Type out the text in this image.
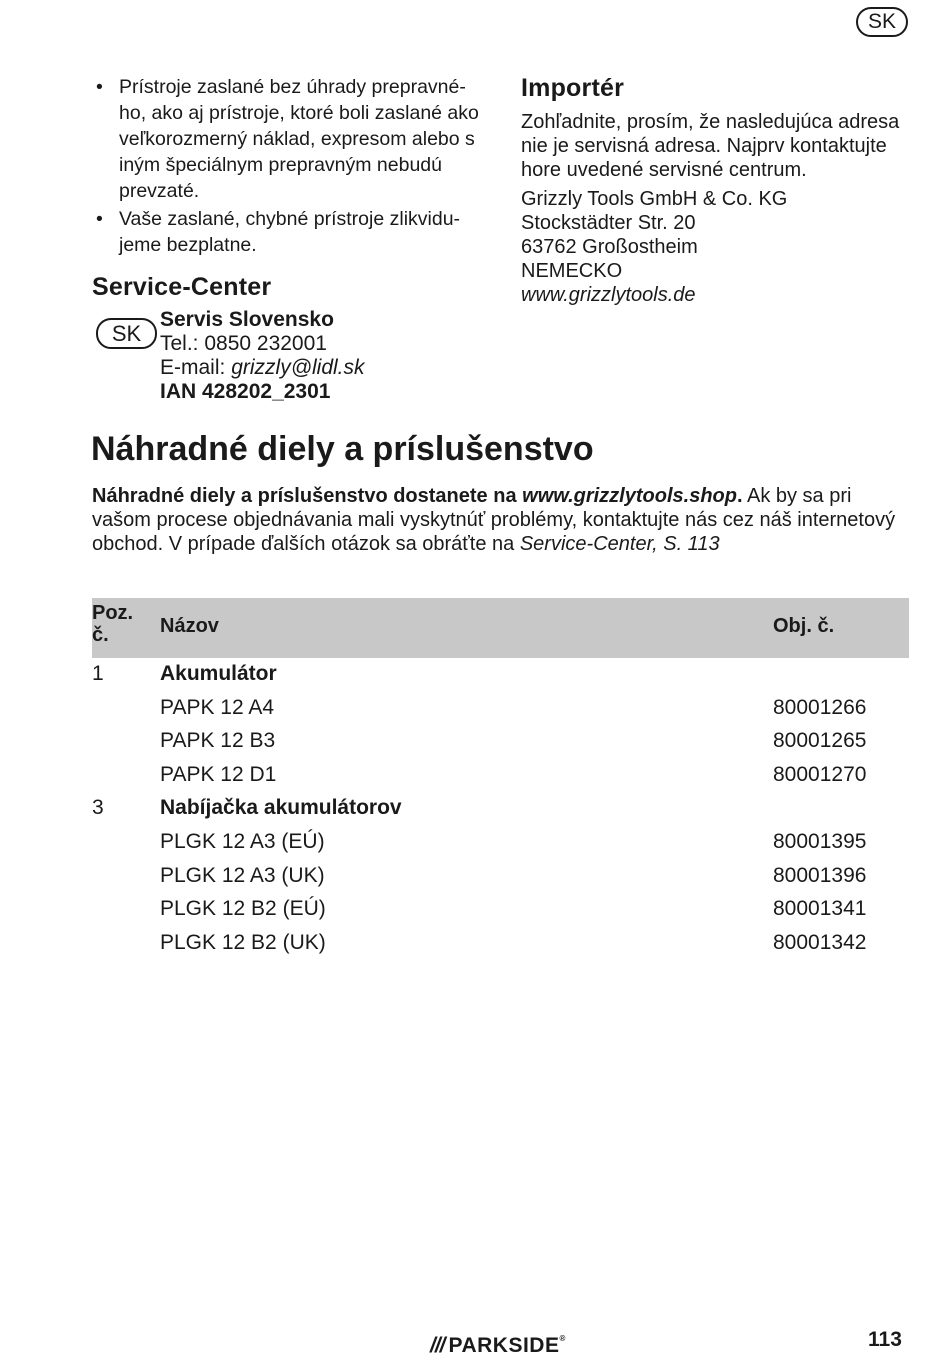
SK
• Prístroje zaslané bez úhrady prepravné-ho, ako aj prístroje, ktoré boli zaslané ako veľkorozmerný náklad, expresom alebo s iným špeciálnym prepravným nebudú prevzaté.
• Vaše zaslané, chybné prístroje zlikvidu-jeme bezplatne.
Service-Center
SK
Servis Slovensko
Tel.: 0850 232001
E-mail: grizzly@lidl.sk
IAN 428202_2301
Importér

Zohľadnite, prosím, že nasledujúca adresa nie je servisná adresa. Najprv kontaktujte hore uvedené servisné centrum.

Grizzly Tools GmbH & Co. KG
Stockstädter Str. 20
63762 Großostheim
NEMECKO
www.grizzlytools.de
Náhradné diely a príslušenstvo
Náhradné diely a príslušenstvo dostanete na www.grizzlytools.shop. Ak by sa pri vašom procese objednávania mali vyskytnúť problémy, kontaktujte nás cez náš internetový obchod. V prípade ďalších otázok sa obráťte na Service-Center, S. 113
Poz. č.	Názov	Obj. č.
1	Akumulátor
PAPK 12 A4	80001266
PAPK 12 B3	80001265
PAPK 12 D1	80001270
3	Nabíjačka akumulátorov
PLGK 12 A3 (EÚ)	80001395
PLGK 12 A3 (UK)	80001396
PLGK 12 B2 (EÚ)	80001341
PLGK 12 B2 (UK)	80001342
/// PARKSIDE®	113
